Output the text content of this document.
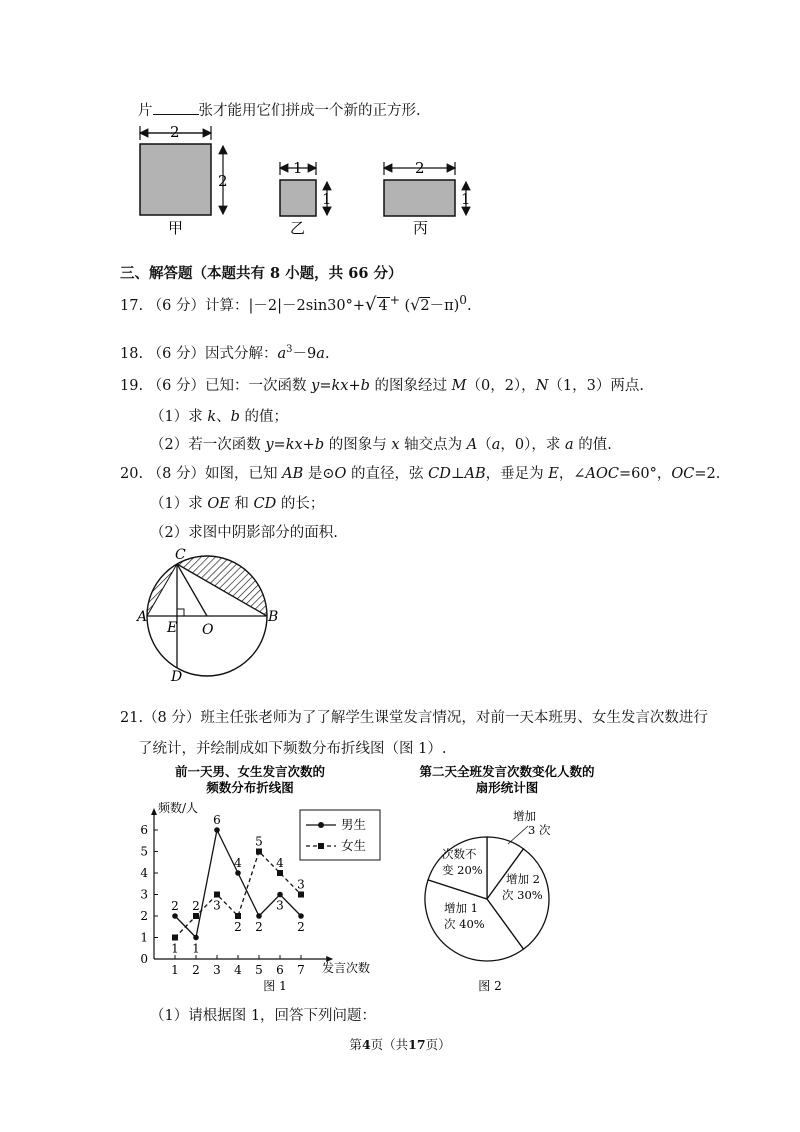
片	张才能用它们拼成一个新的正方形.
2
2
甲
1
1
乙
2
1
丙
三、解答题（本题共有 8 小题，共 66 分）
17. （6 分）计算：|－2|－2sin30°+√ 4 + $(√2-\pi)^0$.
18. （6 分）因式分解：$a^3-9a$.
19. （6 分）已知：一次函数 y=kx+b 的图象经过 M（0，2），N（1，3）两点.
（1）求 k、b 的值；
（2）若一次函数 y=kx+b 的图象与 x 轴交点为 A（a，0），求 a 的值.
20. （8 分）如图，已知 AB 是⊙O 的直径，弦 CD⊥AB，垂足为 E，∠AOC=60°，OC=2.
（1）求 OE 和 CD 的长；
（2）求图中阴影部分的面积.
C
A	B
E O
D
21.（8 分）班主任张老师为了了解学生课堂发言情况，对前一天本班男、女生发言次数进行
了统计，并绘制成如下频数分布折线图（图 1）.
前一天男、女生发言次数的
频数分布折线图
频数/人
发言次数
图 1
0
1
2
3
4
5
6
1 2 3 4 5 6 7
2
1
6
4
2
3
2
1
2 3
2
5
4
3
男生
女生
第二天全班发言次数变化人数的
扇形统计图
增加
3 次
增加 2
次 30%
增加 1
次 40%
次数不
变 20%
图 2
（1）请根据图 1，回答下列问题：
第4页（共17页）
